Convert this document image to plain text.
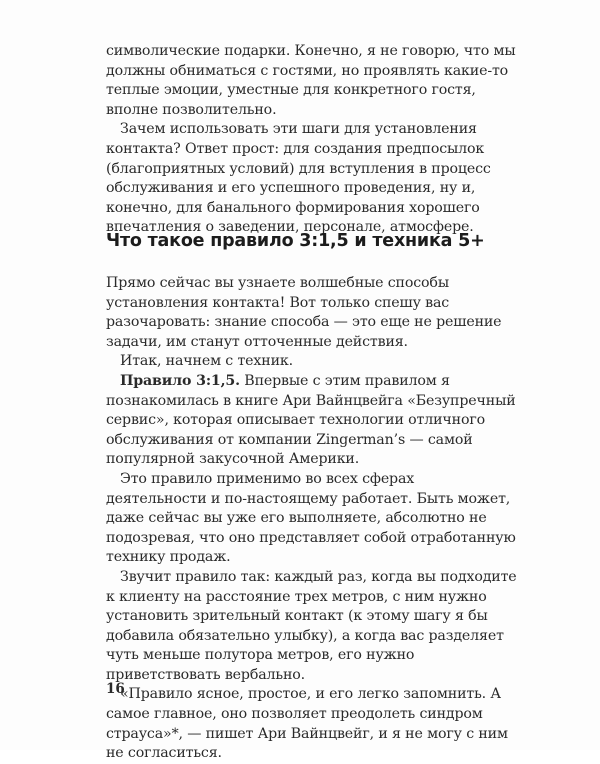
символические подарки. Конечно, я не говорю, что мы должны обниматься с гостями, но проявлять какие-то теплые эмоции, уместные для конкретного гостя, вполне позволительно.

Зачем использовать эти шаги для установления контакта? Ответ прост: для создания предпосылок (благоприятных условий) для вступления в процесс обслуживания и его успешного проведения, ну и, конечно, для банального формирования хорошего впечатления о заведении, персонале, атмосфере.

Что такое правило 3:1,5 и техника 5+

Прямо сейчас вы узнаете волшебные способы установления контакта! Вот только спешу вас разочаровать: знание способа — это еще не решение задачи, им станут отточенные действия.

Итак, начнем с техник.

Правило 3:1,5. Впервые с этим правилом я познакомилась в книге Ари Вайнцвейга «Безупречный сервис», которая описывает технологии отличного обслуживания от компании Zingerman’s — самой популярной закусочной Америки.

Это правило применимо во всех сферах деятельности и по-настоящему работает. Быть может, даже сейчас вы уже его выполняете, абсолютно не подозревая, что оно представляет собой отработанную технику продаж.

Звучит правило так: каждый раз, когда вы подходите к клиенту на расстояние трех метров, с ним нужно установить зрительный контакт (к этому шагу я бы добавила обязательно улыбку), а когда вас разделяет чуть меньше полутора метров, его нужно приветствовать вербально.

«Правило ясное, простое, и его легко запомнить. А самое главное, оно позволяет преодолеть синдром страуса»*, — пишет Ари Вайнцвейг, и я не могу с ним не согласиться.

16
